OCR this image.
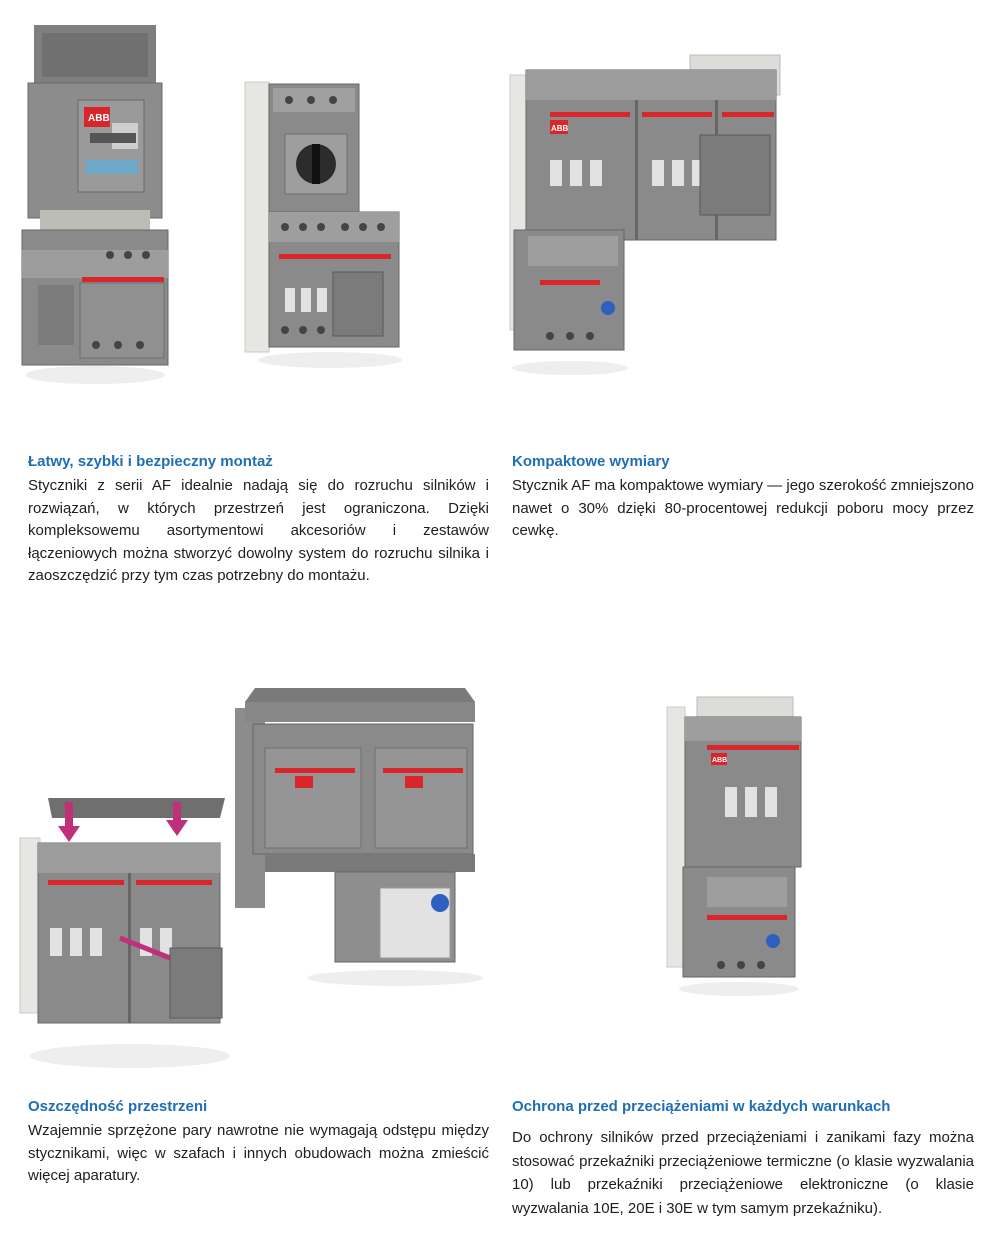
ABB
ABB
Łatwy, szybki i bezpieczny montaż

Styczniki z serii AF idealnie nadają się do rozruchu silników i rozwiązań, w których przestrzeń jest ograniczona. Dzięki kompleksowemu asortymentowi akcesoriów i zestawów łączeniowych można stworzyć dowolny system do rozruchu silnika i zaoszczędzić przy tym czas potrzebny do montażu.

Kompaktowe wymiary

Stycznik AF ma kompaktowe wymiary — jego szerokość zmniejszono nawet o 30% dzięki 80-procentowej redukcji poboru mocy przez cewkę.

ABB
Oszczędność przestrzeni

Wzajemnie sprzężone pary nawrotne nie wymagają odstępu między stycznikami, więc w szafach i innych obudowach można zmieścić więcej aparatury.

Ochrona przed przeciążeniami w każdych warunkach

Do ochrony silników przed przeciążeniami i zanikami fazy można stosować przekaźniki przeciążeniowe termiczne (o klasie wyzwalania 10) lub przekaźniki przeciążeniowe elektroniczne (o klasie wyzwalania 10E, 20E i 30E w tym samym przekaźniku).
